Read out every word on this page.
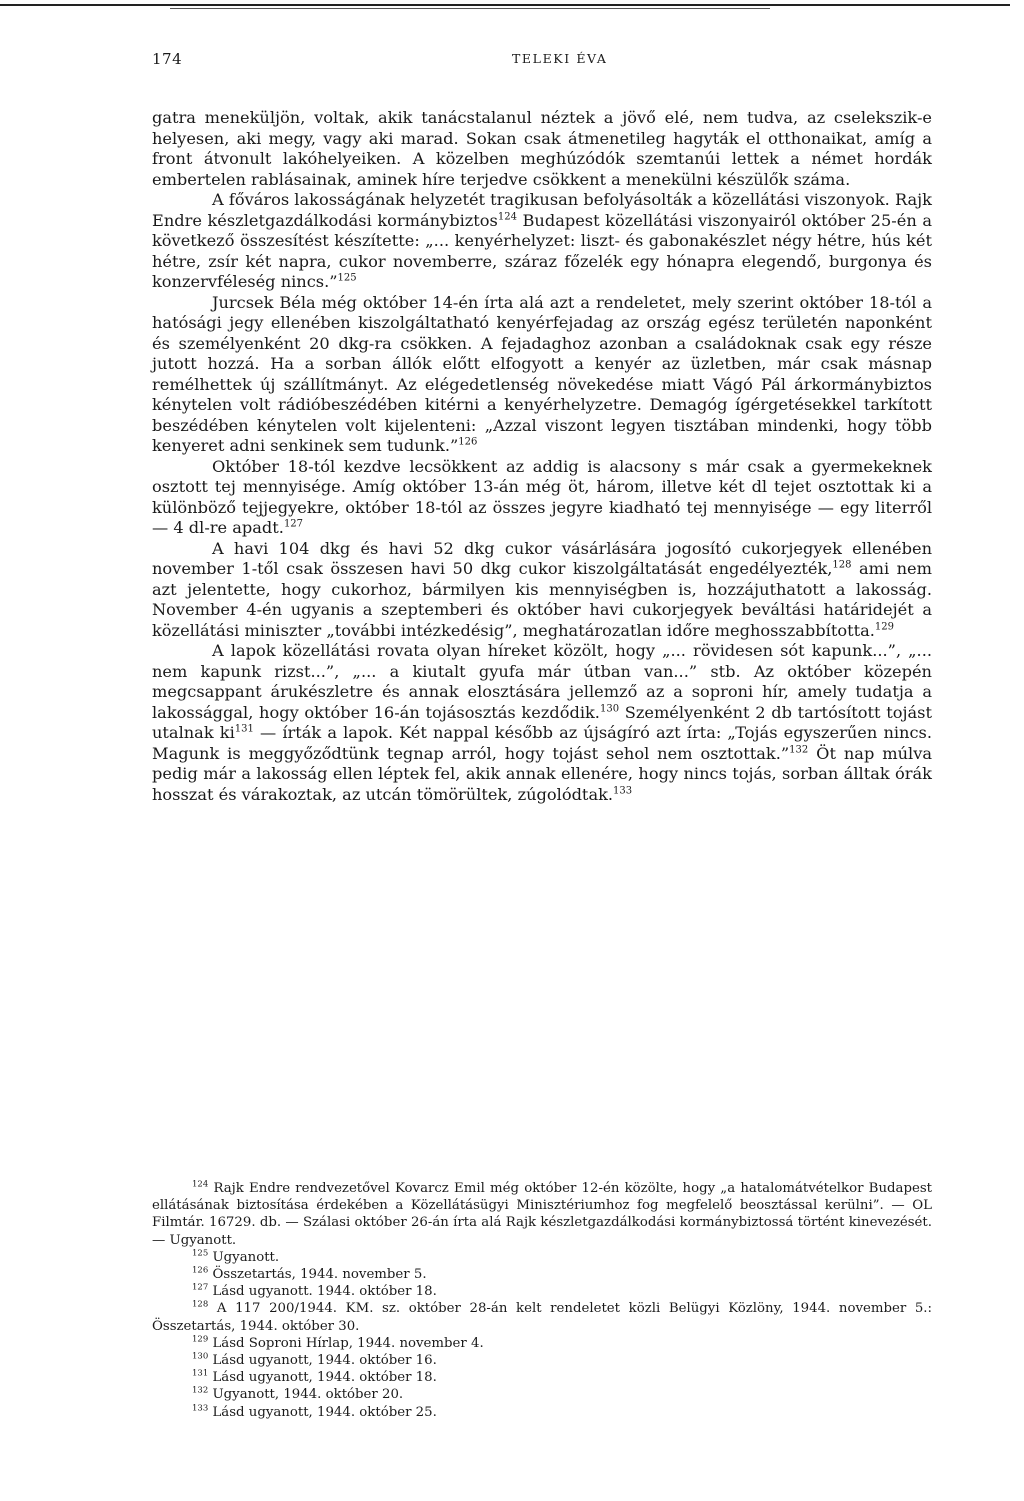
174	TELEKI ÉVA

gatra meneküljön, voltak, akik tanácstalanul néztek a jövő elé, nem tudva, az cselekszik-e helyesen, aki megy, vagy aki marad. Sokan csak átmenetileg hagyták el otthonaikat, amíg a front átvonult lakóhelyeiken. A közelben meghúzódók szemtanúi lettek a német hordák embertelen rablásainak, aminek híre terjedve csökkent a menekülni készülők száma.

A főváros lakosságának helyzetét tragikusan befolyásolták a közellátási viszonyok. Rajk Endre készletgazdálkodási kormánybiztos$^{124}$ Budapest közellátási viszonyairól október 25-én a következő összesítést készítette: „... kenyérhelyzet: liszt- és gabonakészlet négy hétre, hús két hétre, zsír két napra, cukor novemberre, száraz főzelék egy hónapra elegendő, burgonya és konzervféleség nincs.”$^{125}$

Jurcsek Béla még október 14-én írta alá azt a rendeletet, mely szerint október 18-tól a hatósági jegy ellenében kiszolgáltatható kenyérfejadag az ország egész területén naponként és személyenként 20 dkg-ra csökken. A fejadaghoz azonban a családoknak csak egy része jutott hozzá. Ha a sorban állók előtt elfogyott a kenyér az üzletben, már csak másnap remélhettek új szállítmányt. Az elégedetlenség növekedése miatt Vágó Pál árkormánybiztos kénytelen volt rádióbeszédében kitérni a kenyérhelyzetre. Demagóg ígérgetésekkel tarkított beszédében kénytelen volt kijelenteni: „Azzal viszont legyen tisztában mindenki, hogy több kenyeret adni senkinek sem tudunk.”$^{126}$

Október 18-tól kezdve lecsökkent az addig is alacsony s már csak a gyermekeknek osztott tej mennyisége. Amíg október 13-án még öt, három, illetve két dl tejet osztottak ki a különböző tejjegyekre, október 18-tól az összes jegyre kiadható tej mennyisége — egy literről — 4 dl-re apadt.$^{127}$

A havi 104 dkg és havi 52 dkg cukor vásárlására jogosító cukorjegyek ellenében november 1-től csak összesen havi 50 dkg cukor kiszolgáltatását engedélyezték,$^{128}$ ami nem azt jelentette, hogy cukorhoz, bármilyen kis mennyiségben is, hozzájuthatott a lakosság. November 4-én ugyanis a szeptemberi és október havi cukorjegyek beváltási határidejét a közellátási miniszter „további intézkedésig”, meghatározatlan időre meghosszabbította.$^{129}$

A lapok közellátási rovata olyan híreket közölt, hogy „... rövidesen sót kapunk...”, „... nem kapunk rizst...”, „... a kiutalt gyufa már útban van...” stb. Az október közepén megcsappant árukészletre és annak elosztására jellemző az a soproni hír, amely tudatja a lakossággal, hogy október 16-án tojásosztás kezdődik.$^{130}$ Személyenként 2 db tartósított tojást utalnak $ki^{131}$ — írták a lapok. Két nappal később az újságíró azt írta: „Tojás egyszerűen nincs. Magunk is meggyőződtünk tegnap arról, hogy tojást sehol nem osztottak.”$^{132}$ Öt nap múlva pedig már a lakosság ellen léptek fel, akik annak ellenére, hogy nincs tojás, sorban álltak órák hosszat és várakoztak, az utcán tömörültek, zúgolódtak.$^{133}$

$^{124}$ Rajk Endre rendvezetővel Kovarcz Emil még október 12-én közölte, hogy „a hatalomátvételkor Budapest ellátásának biztosítása érdekében a Közellátásügyi Minisztériumhoz fog megfelelő beosztással kerülni”. — OL Filmtár. 16729. db. — Szálasi október 26-án írta alá Rajk készletgazdálkodási kormánybiztossá történt kinevezését. — Ugyanott.

$^{125}$ Ugyanott.

$^{126}$ Összetartás, 1944. november 5.

$^{127}$ Lásd ugyanott. 1944. október 18.

$^{128}$ A 117 200/1944. KM. sz. október 28-án kelt rendeletet közli Belügyi Közlöny, 1944. november 5.: Összetartás, 1944. október 30.

$^{129}$ Lásd Soproni Hírlap, 1944. november 4.

$^{130}$ Lásd ugyanott, 1944. október 16.

$^{131}$ Lásd ugyanott, 1944. október 18.

$^{132}$ Ugyanott, 1944. október 20.

$^{133}$ Lásd ugyanott, 1944. október 25.
